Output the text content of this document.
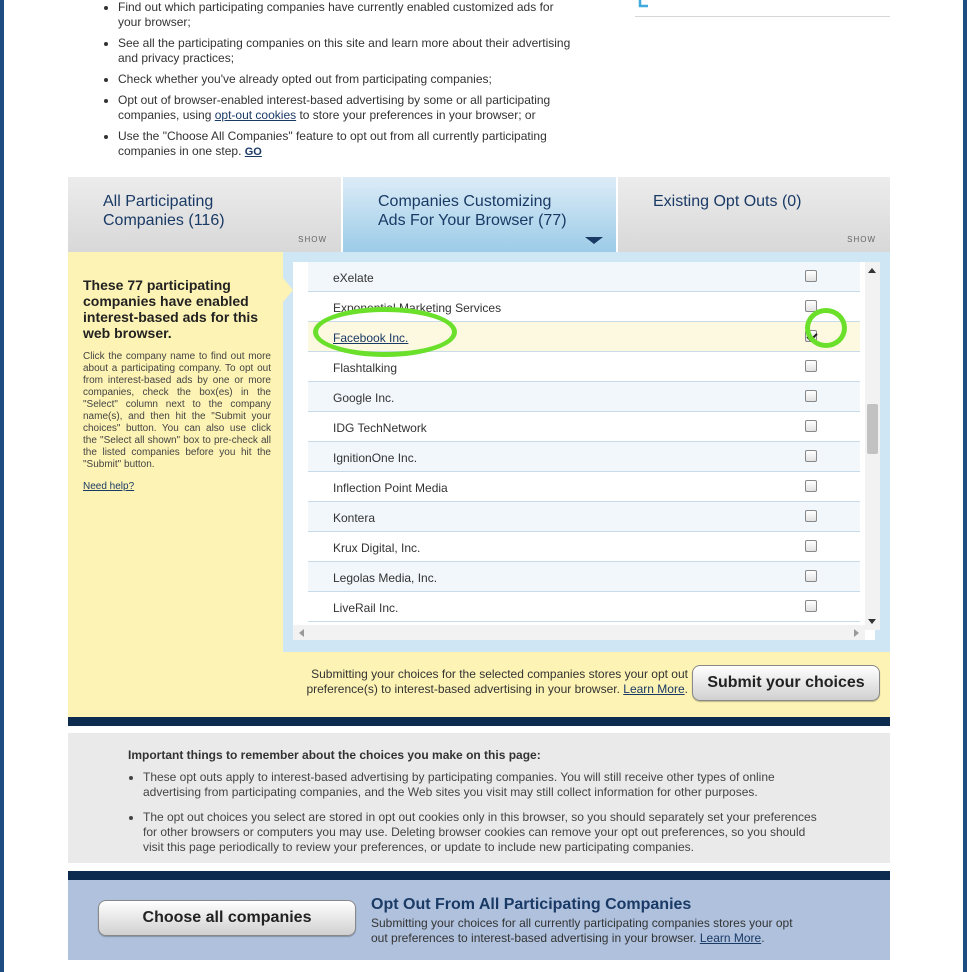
• Find out which participating companies have currently enabled customized ads for your browser;
• See all the participating companies on this site and learn more about their advertising and privacy practices;
• Check whether you've already opted out from participating companies;
• Opt out of browser-enabled interest-based advertising by some or all participating companies, using opt-out cookies to store your preferences in your browser; or
• Use the "Choose All Companies" feature to opt out from all currently participating companies in one step. GO
All Participating
Companies (116)
SHOW
Companies Customizing
Ads For Your Browser (77)
Existing Opt Outs (0)
SHOW
These 77 participating companies have enabled interest-based ads for this web browser.

Click the company name to find out more about a participating company. To opt out from interest-based ads by one or more companies, check the box(es) in the "Select" column next to the company name(s), and then hit the "Submit your choices" button. You can also use click the "Select all shown" box to pre-check all the listed companies before you hit the "Submit" button.

Need help?
eXelate
Exponential Marketing Services
Facebook Inc.
Flashtalking
Google Inc.
IDG TechNetwork
IgnitionOne Inc.
Inflection Point Media
Kontera
Krux Digital, Inc.
Legolas Media, Inc.
LiveRail Inc.
Submitting your choices for the selected companies stores your opt out preference(s) to interest-based advertising in your browser. Learn More.	Submit your choices
Important things to remember about the choices you make on this page:
• These opt outs apply to interest-based advertising by participating companies. You will still receive other types of online advertising from participating companies, and the Web sites you visit may still collect information for other purposes.
• The opt out choices you select are stored in opt out cookies only in this browser, so you should separately set your preferences for other browsers or computers you may use. Deleting browser cookies can remove your opt out preferences, so you should visit this page periodically to review your preferences, or update to include new participating companies.
Choose all companies
Opt Out From All Participating Companies

Submitting your choices for all currently participating companies stores your opt out preferences to interest-based advertising in your browser. Learn More.
